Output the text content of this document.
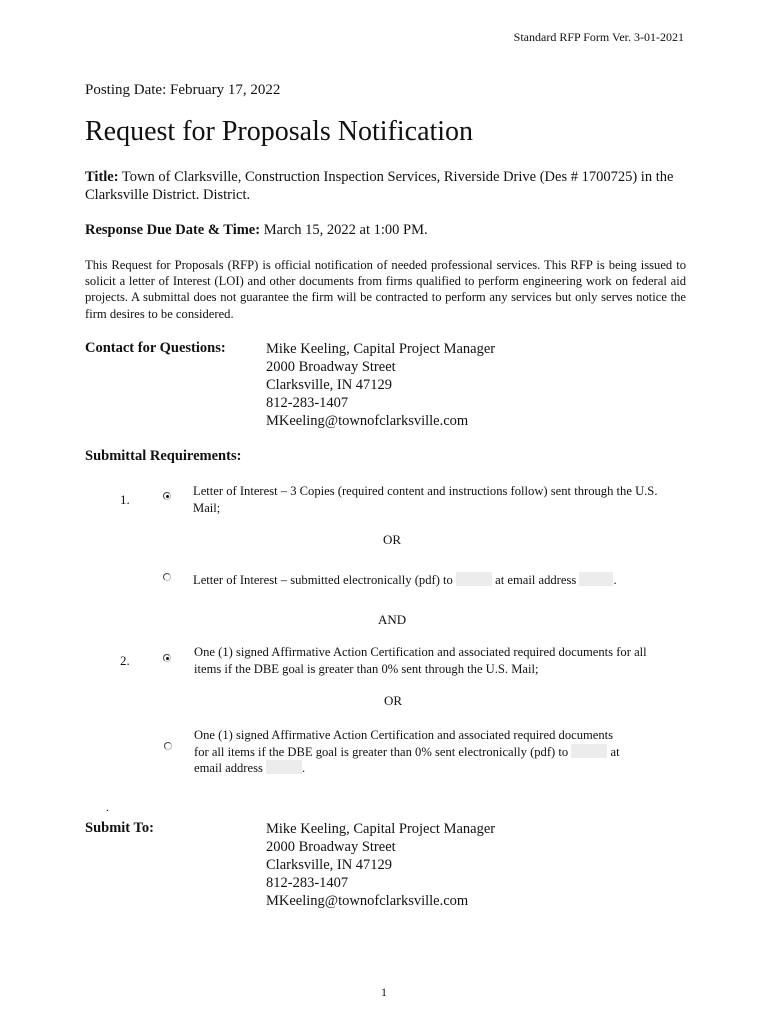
Standard RFP Form Ver. 3-01-2021
Posting Date: February 17, 2022
Request for Proposals Notification
Title: Town of Clarksville, Construction Inspection Services, Riverside Drive (Des # 1700725) in the Clarksville District. District.
Response Due Date & Time: March 15, 2022 at 1:00 PM.
This Request for Proposals (RFP) is official notification of needed professional services. This RFP is being issued to solicit a letter of Interest (LOI) and other documents from firms qualified to perform engineering work on federal aid projects. A submittal does not guarantee the firm will be contracted to perform any services but only serves notice the firm desires to be considered.
Contact for Questions:	Mike Keeling, Capital Project Manager
2000 Broadway Street
Clarksville, IN 47129
812-283-1407
MKeeling@townofclarksville.com
Submittal Requirements:
1.
Letter of Interest – 3 Copies (required content and instructions follow) sent through the U.S. Mail;
OR
Letter of Interest – submitted electronically (pdf) to	at email address	.
AND
2.
One (1) signed Affirmative Action Certification and associated required documents for all items if the DBE goal is greater than 0% sent through the U.S. Mail;
OR
One (1) signed Affirmative Action Certification and associated required documents
for all items if the DBE goal is greater than 0% sent electronically (pdf) to	at
email address	.
.
Submit To:	Mike Keeling, Capital Project Manager
2000 Broadway Street
Clarksville, IN 47129
812-283-1407
MKeeling@townofclarksville.com
1
